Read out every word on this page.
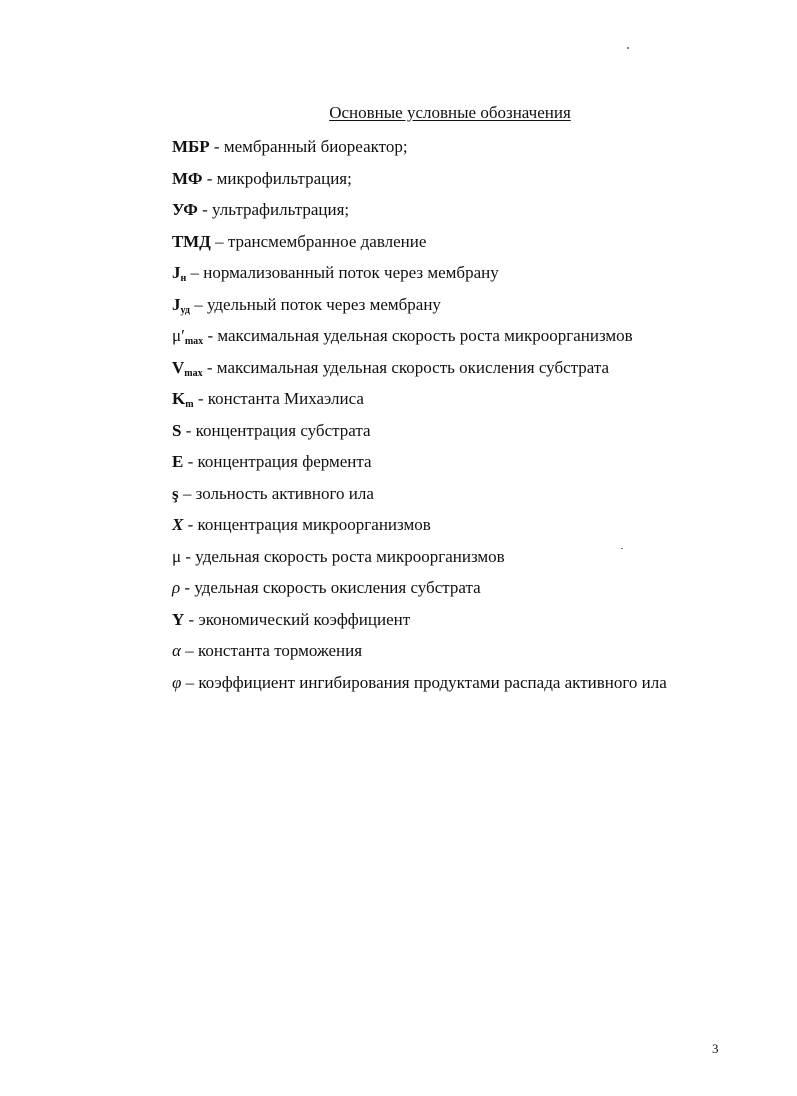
Основные условные обозначения
МБР - мембранный биореактор;
МФ - микрофильтрация;
УФ - ультрафильтрация;
ТМД – трансмембранное давление
$J_н$ – нормализованный поток через мембрану
$J_{уд}$ – удельный поток через мембрану
$\mu'_{max}$ - максимальная удельная скорость роста микроорганизмов
$V_{max}$ - максимальная удельная скорость окисления субстрата
$K_m$ - константа Михаэлиса
S - концентрация субстрата
E - концентрация фермента
ş – зольность активного ила
X - концентрация микроорганизмов
μ - удельная скорость роста микроорганизмов
ρ - удельная скорость окисления субстрата
Y - экономический коэффициент
α – константа торможения
φ – коэффициент ингибирования продуктами распада активного ила
3
